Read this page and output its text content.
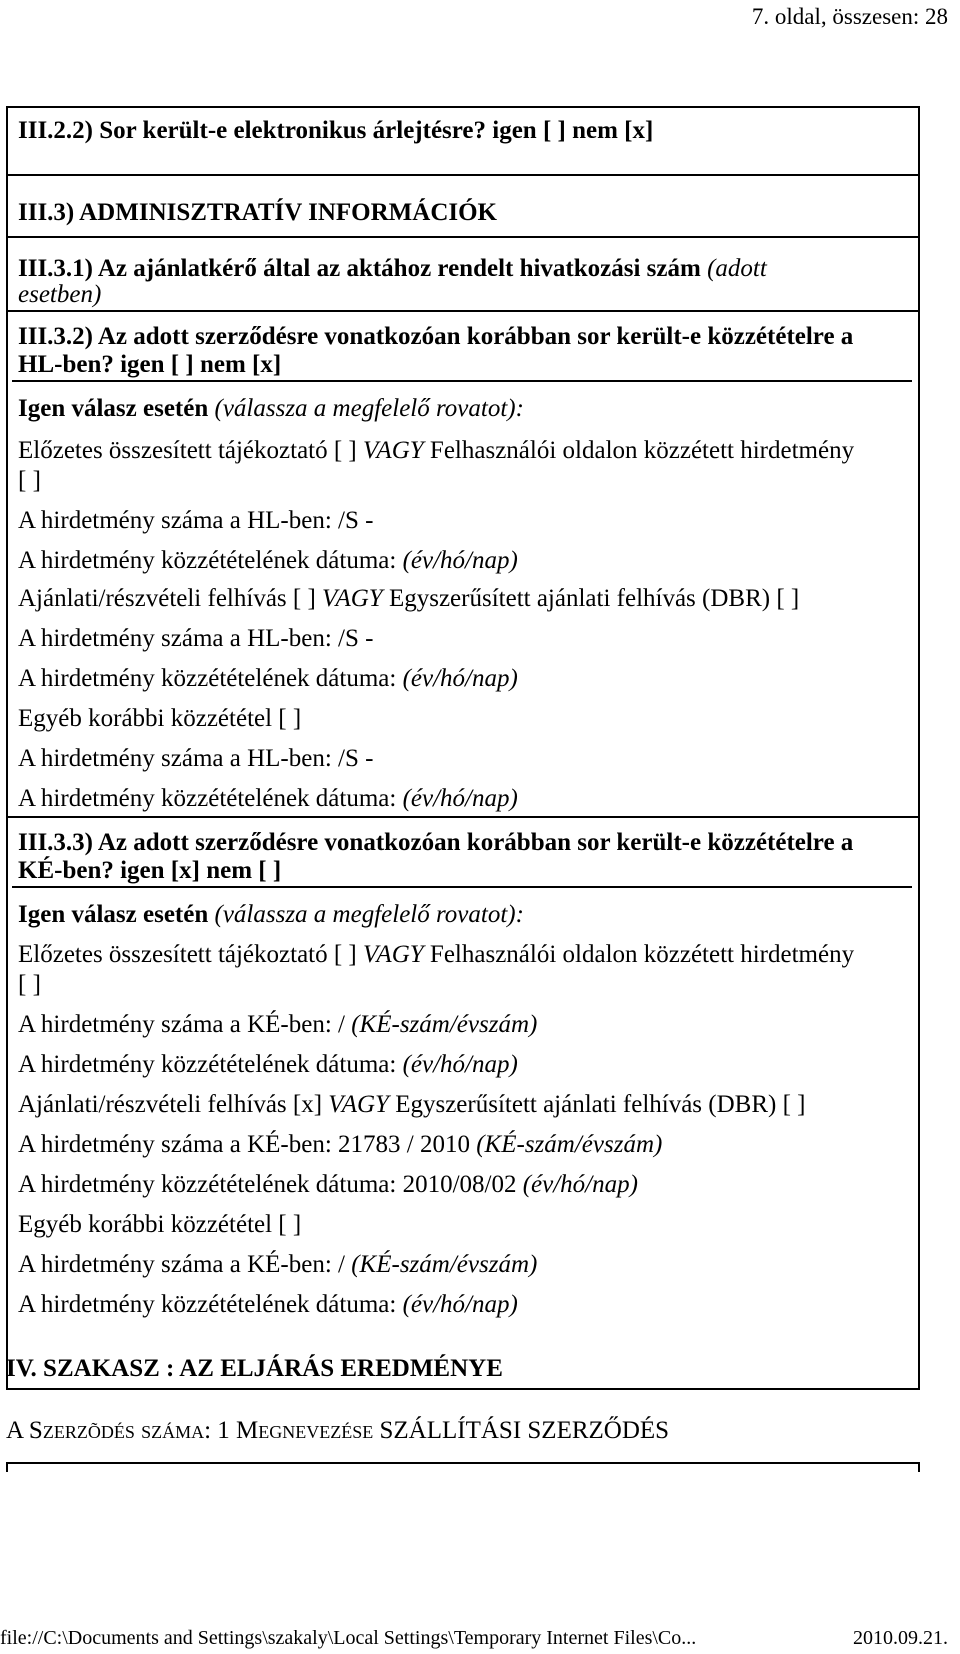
7. oldal, összesen: 28
III.2.2) Sor került-e elektronikus árlejtésre? igen [ ] nem [x]
III.3) ADMINISZTRATÍV INFORMÁCIÓK
III.3.1) Az ajánlatkérő által az aktához rendelt hivatkozási szám (adott
esetben)
III.3.2) Az adott szerződésre vonatkozóan korábban sor került-e közzétételre a
HL-ben? igen [ ] nem [x]
Igen válasz esetén (válassza a megfelelő rovatot):
Előzetes összesített tájékoztató [ ] VAGY Felhasználói oldalon közzétett hirdetmény
[ ]
A hirdetmény száma a HL-ben: /S -
A hirdetmény közzétételének dátuma: (év/hó/nap)
Ajánlati/részvételi felhívás [ ] VAGY Egyszerűsített ajánlati felhívás (DBR) [ ]
A hirdetmény száma a HL-ben: /S -
A hirdetmény közzétételének dátuma: (év/hó/nap)
Egyéb korábbi közzététel [ ]
A hirdetmény száma a HL-ben: /S -
A hirdetmény közzétételének dátuma: (év/hó/nap)
III.3.3) Az adott szerződésre vonatkozóan korábban sor került-e közzétételre a
KÉ-ben? igen [x] nem [ ]
Igen válasz esetén (válassza a megfelelő rovatot):
Előzetes összesített tájékoztató [ ] VAGY Felhasználói oldalon közzétett hirdetmény
[ ]
A hirdetmény száma a KÉ-ben: / (KÉ-szám/évszám)
A hirdetmény közzétételének dátuma: (év/hó/nap)
Ajánlati/részvételi felhívás [x] VAGY Egyszerűsített ajánlati felhívás (DBR) [ ]
A hirdetmény száma a KÉ-ben: 21783 / 2010 (KÉ-szám/évszám)
A hirdetmény közzétételének dátuma: 2010/08/02 (év/hó/nap)
Egyéb korábbi közzététel [ ]
A hirdetmény száma a KÉ-ben: / (KÉ-szám/évszám)
A hirdetmény közzétételének dátuma: (év/hó/nap)
IV. SZAKASZ : AZ ELJÁRÁS EREDMÉNYE
A Szerzõdés száma: 1 Megnevezése SZÁLLÍTÁSI SZERZŐDÉS
file://C:\Documents and Settings\szakaly\Local Settings\Temporary Internet Files\Co...	2010.09.21.
